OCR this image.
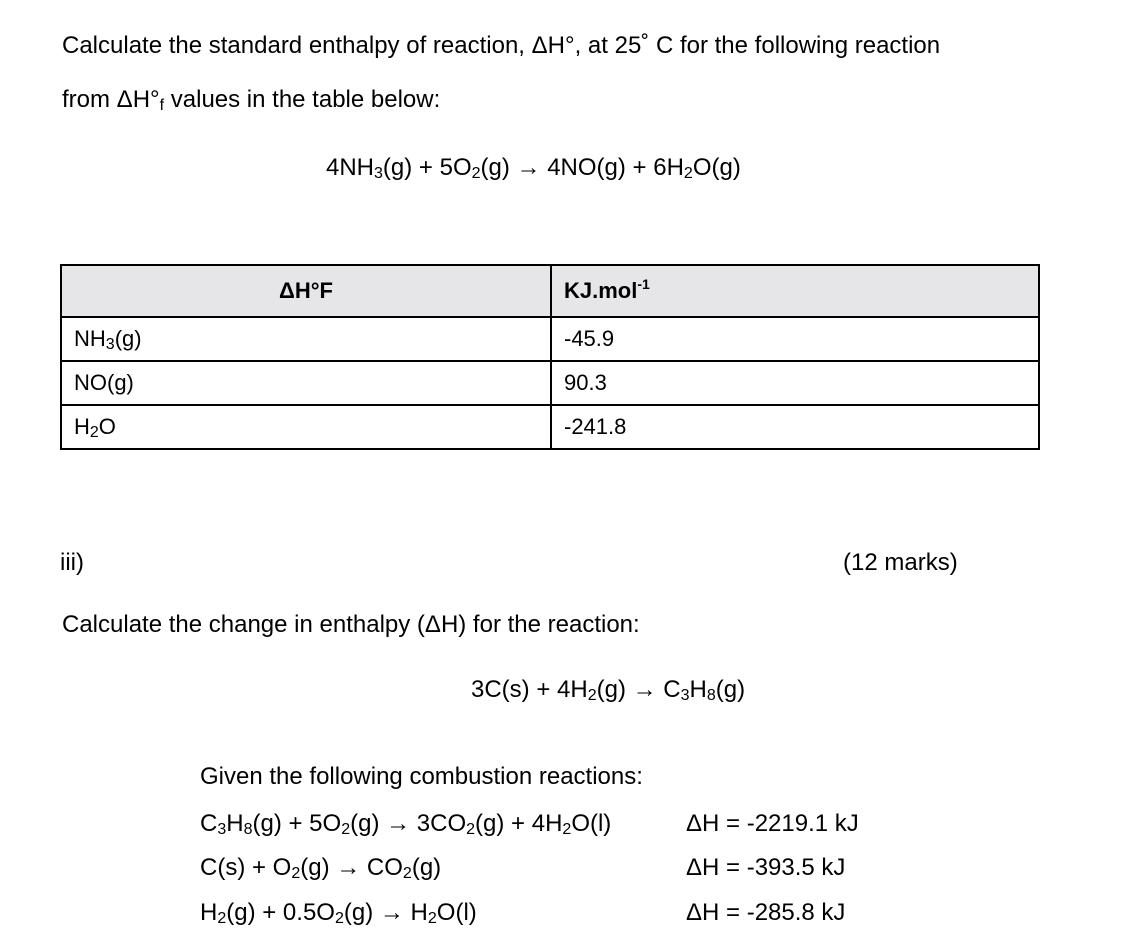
Calculate the standard enthalpy of reaction, ΔH°, at 25˚ C for the following reaction
from $\Delta H^\circ_f$ values in the table below:
$4NH_3(g) + 5O_2(g) \to 4NO(g) + 6H_2O(g)$
ΔH°F	KJ.mol$^{-1}$
$NH_3(g)$	-45.9
NO(g)	90.3
$H_2O$	-241.8
iii)	(12 marks)
Calculate the change in enthalpy (ΔH) for the reaction:
$3C(s) + 4H_2(g) \to C_3H_8(g)$
Given the following combustion reactions:
$C_3H_8(g) + 5O_2(g) \to 3CO_2(g) + 4H_2O(l)$	ΔH = -2219.1 kJ
$C(s) + O_2(g) \to CO_2(g)$	ΔH = -393.5 kJ
$H_2(g) + 0.5O_2(g) \to H_2O(l)$	ΔH = -285.8 kJ
